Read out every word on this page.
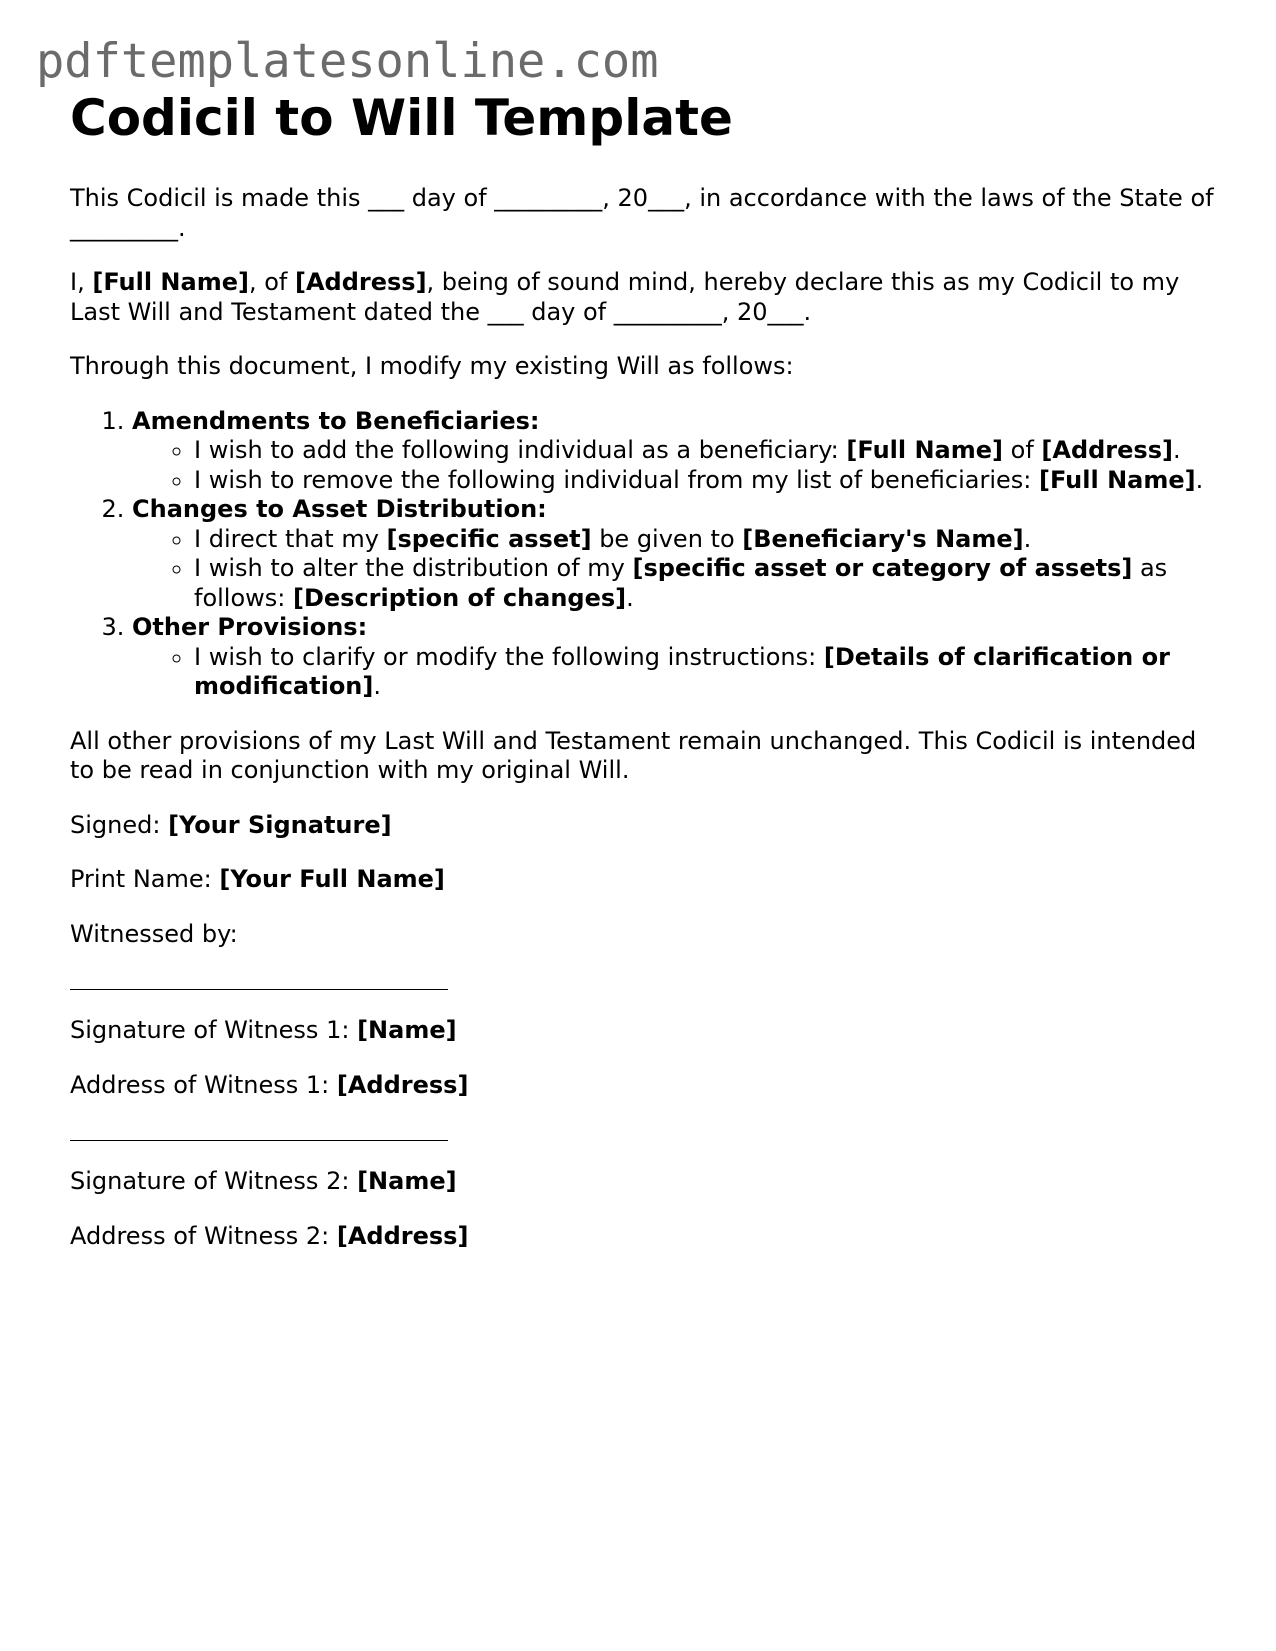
pdftemplatesonline.com
Codicil to Will Template

This Codicil is made this ___ day of _________, 20___, in accordance with the laws of the State of _________.

I, [Full Name], of [Address], being of sound mind, hereby declare this as my Codicil to my Last Will and Testament dated the ___ day of _________, 20___.

Through this document, I modify my existing Will as follows:

1. Amendments to Beneficiaries:
◦ I wish to add the following individual as a beneficiary: [Full Name] of [Address].
◦ I wish to remove the following individual from my list of beneficiaries: [Full Name].
2. Changes to Asset Distribution:
◦ I direct that my [specific asset] be given to [Beneficiary's Name].
◦ I wish to alter the distribution of my [specific asset or category of assets] as follows: [Description of changes].
3. Other Provisions:
◦ I wish to clarify or modify the following instructions: [Details of clarification or modification].

All other provisions of my Last Will and Testament remain unchanged. This Codicil is intended to be read in conjunction with my original Will.

Signed: [Your Signature]

Print Name: [Your Full Name]

Witnessed by:

Signature of Witness 1: [Name]

Address of Witness 1: [Address]

Signature of Witness 2: [Name]

Address of Witness 2: [Address]
